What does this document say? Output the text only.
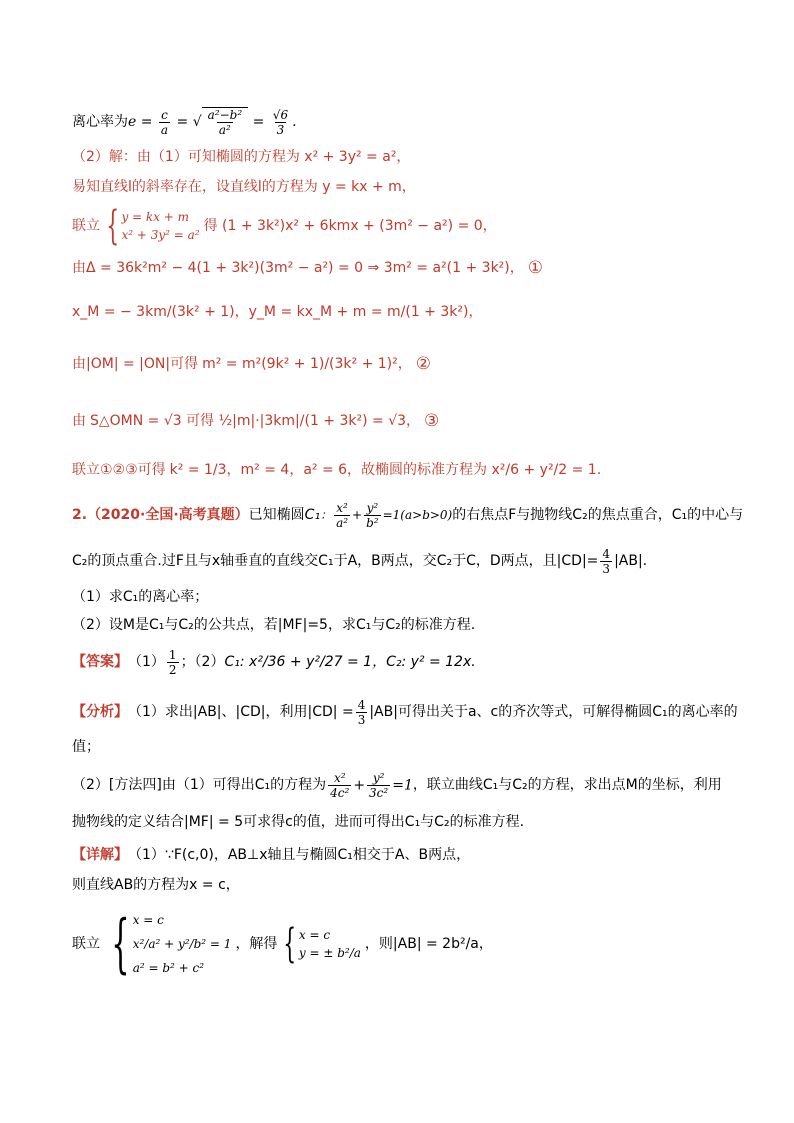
离心率为 $e = \frac{c}{a}$ = √ $\frac{\text{a²−b²}}{\text{a²}} = \frac{√6}{3}$ .
（2）解： 由（1）可知椭圆的方程为 x² + 3y² = a²，
易知直线l的斜率存在，设直线l的方程为 y = kx + m，
联立 { y = kx + m
x² + 3y² = a²
得 (1 + 3k²)x² + 6kmx + (3m² − a²) = 0，
由Δ = 36k²m² − 4(1 + 3k²)(3m² − a²) = 0 ⇒ 3m² = a²(1 + 3k²)， ①
x_M = − 3km/(3k² + 1)，y_M = kx_M + m = m/(1 + 3k²)，
由|OM| = |ON|可得 m² = m²(9k² + 1)/(3k² + 1)²， ②
由 S△OMN = √3 可得 ½|m|·|3km|/(1 + 3k²) = √3， ③
联立①②③可得 k² = 1/3，m² = 4，a² = 6，故椭圆的标准方程为 x²/6 + y²/2 = 1.
2. （2020·全国·高考真题） 已知椭圆 C₁ ： $\frac{\text{x²}}{\text{a²}} + \frac{\text{y²}}{\text{b²}} =1(a>b>0)$ 的右焦点F与抛物线C₂的焦点重合，C₁的中心与
C₂的顶点重合.过F且与x轴垂直的直线交C₁于A，B两点，交C₂于C，D两点，且$|CD|= \frac{4}{3} |AB|$.
（1）求C₁的离心率；
（2）设M是C₁与C₂的公共点，若|MF|=5，求C₁与C₂的标准方程.
【答案】 $(1) \frac{1}{2}$ ；（2） C₁: x²/36 + y²/27 = 1，C₂: y² = 12x.
【分析】 （1）求出|AB|、|CD|，利用$|CD| = \frac{4}{3} |AB|$可得出关于a、c的齐次等式，可解得椭圆C₁的离心率的
值；
（2）[方法四]由（1）可得出C₁的方程为 $\frac{\text{x²}}{\text{4c²}} + \frac{\text{y²}}{\text{3c²}} =1$ ，联立曲线C₁与C₂的方程，求出点M的坐标，利用
抛物线的定义结合|MF| = 5可求得c的值，进而可得出C₁与C₂的标准方程.
【详解】 （1）∵F(c,0)，AB⊥x轴且与椭圆C₁相交于A、B两点，
则直线AB的方程为x = c，
联立 { x = c
x²/a² + y²/b² = 1
a² = b² + c²
，解得 { x = c
y = ± b²/a
，则|AB| = 2b²/a，
